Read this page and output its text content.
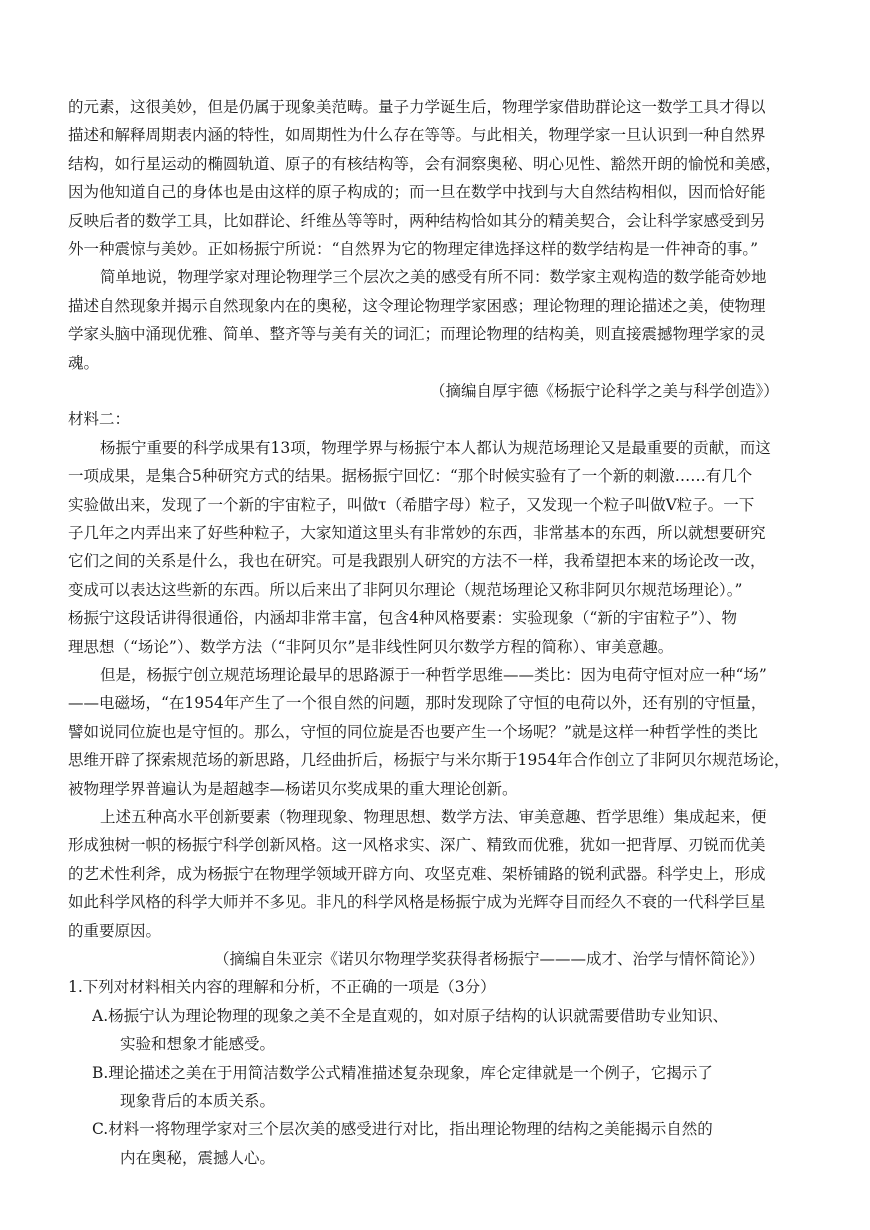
的元素，这很美妙，但是仍属于现象美范畴。量子力学诞生后，物理学家借助群论这一数学工具才得以
描述和解释周期表内涵的特性，如周期性为什么存在等等。与此相关，物理学家一旦认识到一种自然界
结构，如行星运动的椭圆轨道、原子的有核结构等，会有洞察奥秘、明心见性、豁然开朗的愉悦和美感，
因为他知道自己的身体也是由这样的原子构成的；而一旦在数学中找到与大自然结构相似，因而恰好能
反映后者的数学工具，比如群论、纤维丛等等时，两种结构恰如其分的精美契合，会让科学家感受到另
外一种震惊与美妙。正如杨振宁所说：“自然界为它的物理定律选择这样的数学结构是一件神奇的事。”
简单地说，物理学家对理论物理学三个层次之美的感受有所不同：数学家主观构造的数学能奇妙地
描述自然现象并揭示自然现象内在的奥秘，这令理论物理学家困惑；理论物理的理论描述之美，使物理
学家头脑中涌现优雅、简单、整齐等与美有关的词汇；而理论物理的结构美，则直接震撼物理学家的灵
魂。
（摘编自厚宇德《杨振宁论科学之美与科学创造》）
材料二：
杨振宁重要的科学成果有13项，物理学界与杨振宁本人都认为规范场理论又是最重要的贡献，而这
一项成果，是集合5种研究方式的结果。据杨振宁回忆：“那个时候实验有了一个新的刺激……有几个
实验做出来，发现了一个新的宇宙粒子，叫做τ（希腊字母）粒子，又发现一个粒子叫做V粒子。一下
子几年之内弄出来了好些种粒子，大家知道这里头有非常妙的东西，非常基本的东西，所以就想要研究
它们之间的关系是什么，我也在研究。可是我跟别人研究的方法不一样，我希望把本来的场论改一改，
变成可以表达这些新的东西。所以后来出了非阿贝尔理论（规范场理论又称非阿贝尔规范场理论）。”
杨振宁这段话讲得很通俗，内涵却非常丰富，包含4种风格要素：实验现象（“新的宇宙粒子”）、物
理思想（“场论”）、数学方法（“非阿贝尔”是非线性阿贝尔数学方程的简称）、审美意趣。
但是，杨振宁创立规范场理论最早的思路源于一种哲学思维——类比：因为电荷守恒对应一种“场”
——电磁场，“在1954年产生了一个很自然的问题，那时发现除了守恒的电荷以外，还有别的守恒量，
譬如说同位旋也是守恒的。那么，守恒的同位旋是否也要产生一个场呢？”就是这样一种哲学性的类比
思维开辟了探索规范场的新思路，几经曲折后，杨振宁与米尔斯于1954年合作创立了非阿贝尔规范场论，
被物理学界普遍认为是超越李—杨诺贝尔奖成果的重大理论创新。
上述五种高水平创新要素（物理现象、物理思想、数学方法、审美意趣、哲学思维）集成起来，便
形成独树一帜的杨振宁科学创新风格。这一风格求实、深广、精致而优雅，犹如一把背厚、刃锐而优美
的艺术性利斧，成为杨振宁在物理学领域开辟方向、攻坚克难、架桥铺路的锐利武器。科学史上，形成
如此科学风格的科学大师并不多见。非凡的科学风格是杨振宁成为光辉夺目而经久不衰的一代科学巨星
的重要原因。
（摘编自朱亚宗《诺贝尔物理学奖获得者杨振宁———成才、治学与情怀简论》）
1.下列对材料相关内容的理解和分析，不正确的一项是（3分）
A.杨振宁认为理论物理的现象之美不全是直观的，如对原子结构的认识就需要借助专业知识、
实验和想象才能感受。
B.理论描述之美在于用简洁数学公式精准描述复杂现象，库仑定律就是一个例子，它揭示了
现象背后的本质关系。
C.材料一将物理学家对三个层次美的感受进行对比，指出理论物理的结构之美能揭示自然的
内在奥秘，震撼人心。
